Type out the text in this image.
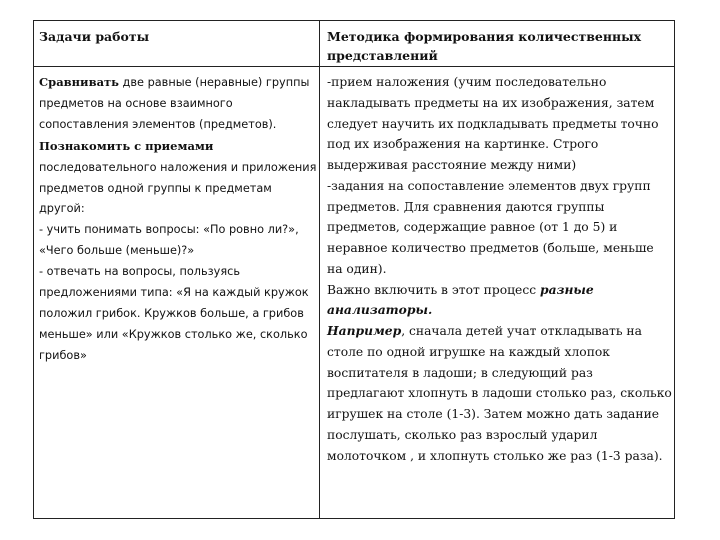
Задачи работы	Методика формирования количественных представлений

Сравнивать две равные (неравные) группы предметов на основе взаимного сопоставления элементов (предметов).

Познакомить с приемами последовательного наложения и приложения предметов одной группы к предметам другой:

- учить понимать вопросы: «По ровно ли?», «Чего больше (меньше)?»

- отвечать на вопросы, пользуясь предложениями типа: «Я на каждый кружок положил грибок. Кружков больше, а грибов меньше» или «Кружков столько же, сколько грибов»

-прием наложения (учим последовательно накладывать предметы на их изображения, затем следует научить их подкладывать предметы точно под их изображения на картинке. Строго выдерживая расстояние между ними)

-задания на сопоставление элементов двух групп предметов. Для сравнения даются группы предметов, содержащие равное (от 1 до 5) и неравное количество предметов (больше, меньше на один).

Важно включить в этот процесс разные анализаторы.

Например, сначала детей учат откладывать на столе по одной игрушке на каждый хлопок воспитателя в ладоши; в следующий раз предлагают хлопнуть в ладоши столько раз, сколько игрушек на столе (1-3). Затем можно дать задание послушать, сколько раз взрослый ударил молоточком , и хлопнуть столько же раз (1-3 раза).
